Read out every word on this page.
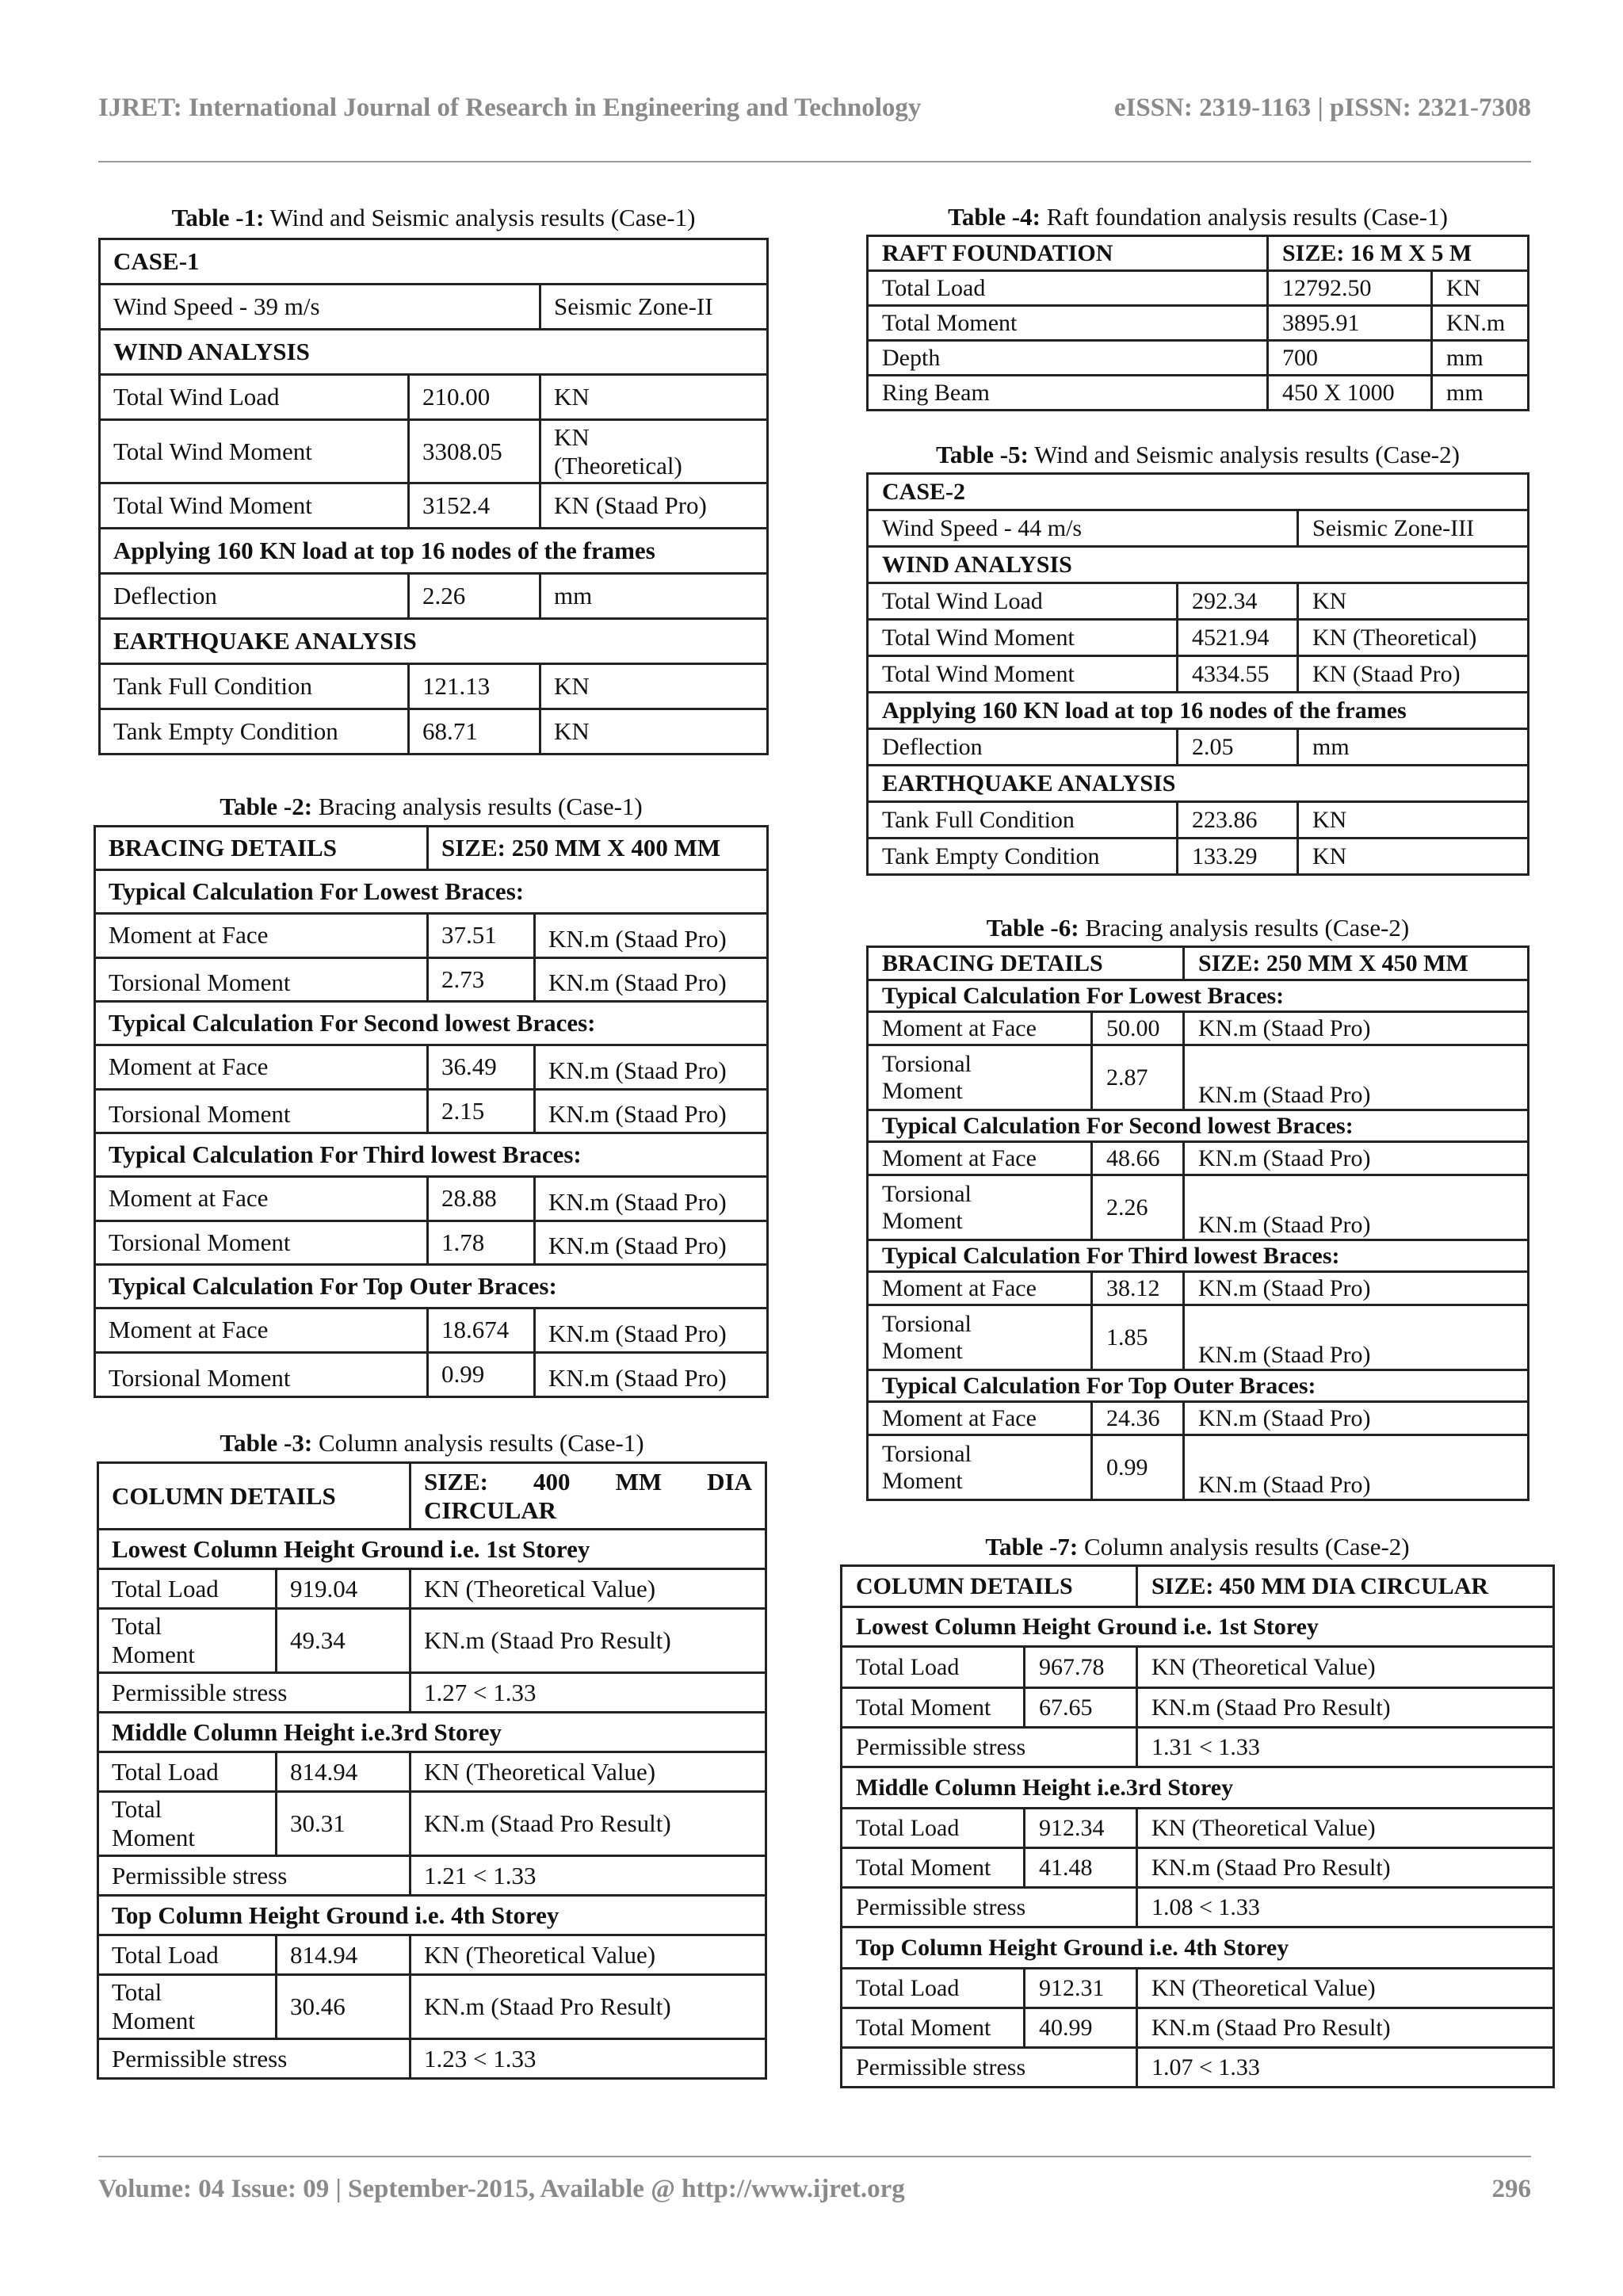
IJRET: International Journal of Research in Engineering and Technology	eISSN: 2319-1163 | pISSN: 2321-7308
Table -1: Wind and Seismic analysis results (Case-1)
CASE-1		
Wind Speed - 39 m/s		Seismic Zone-II
WIND ANALYSIS		
Total Wind Load	210.00	KN
Total Wind Moment	3308.05	KN
(Theoretical)

Total Wind Moment	3152.4	KN (Staad Pro)
Applying 160 KN load at top 16 nodes of the frames		
Deflection	2.26	mm
EARTHQUAKE ANALYSIS		
Tank Full Condition	121.13	KN
Tank Empty Condition	68.71	KN
Table -2: Bracing analysis results (Case-1)
BRACING DETAILS	SIZE: 250 MM X 400 MM	
Typical Calculation For Lowest Braces:		
Moment at Face	37.51	KN.m (Staad Pro)
Torsional Moment	2.73	KN.m (Staad Pro)
Typical Calculation For Second lowest Braces:		
Moment at Face	36.49	KN.m (Staad Pro)
Torsional Moment	2.15	KN.m (Staad Pro)
Typical Calculation For Third lowest Braces:		
Moment at Face	28.88	KN.m (Staad Pro)
Torsional Moment	1.78	KN.m (Staad Pro)
Typical Calculation For Top Outer Braces:		
Moment at Face	18.674	KN.m (Staad Pro)
Torsional Moment	0.99	KN.m (Staad Pro)
Table -3: Column analysis results (Case-1)
COLUMN DETAILS		SIZE: 400 MM DIA
CIRCULAR

Lowest Column Height Ground i.e. 1st Storey		
Total Load	919.04	KN (Theoretical Value)

Total
Moment	49.34	KN.m (Staad Pro Result)
Permissible stress		1.27 < 1.33
Middle Column Height i.e.3rd Storey		
Total Load	814.94	KN (Theoretical Value)

Total
Moment	30.31	KN.m (Staad Pro Result)
Permissible stress		1.21 < 1.33
Top Column Height Ground i.e. 4th Storey		
Total Load	814.94	KN (Theoretical Value)

Total
Moment	30.46	KN.m (Staad Pro Result)
Permissible stress		1.23 < 1.33
Table -4: Raft foundation analysis results (Case-1)
RAFT FOUNDATION	SIZE: 16 M X 5 M	
Total Load	12792.50	KN
Total Moment	3895.91	KN.m
Depth	700	mm
Ring Beam	450 X 1000	mm
Table -5: Wind and Seismic analysis results (Case-2)
CASE-2		
Wind Speed - 44 m/s		Seismic Zone-III
WIND ANALYSIS		
Total Wind Load	292.34	KN
Total Wind Moment	4521.94	KN (Theoretical)
Total Wind Moment	4334.55	KN (Staad Pro)
Applying 160 KN load at top 16 nodes of the frames		
Deflection	2.05	mm
EARTHQUAKE ANALYSIS		
Tank Full Condition	223.86	KN
Tank Empty Condition	133.29	KN
Table -6: Bracing analysis results (Case-2)
BRACING DETAILS		SIZE: 250 MM X 450 MM
Typical Calculation For Lowest Braces:		
Moment at Face	50.00	KN.m (Staad Pro)

Torsional
Moment	2.87	KN.m (Staad Pro)
Typical Calculation For Second lowest Braces:		
Moment at Face	48.66	KN.m (Staad Pro)

Torsional
Moment	2.26	KN.m (Staad Pro)
Typical Calculation For Third lowest Braces:		
Moment at Face	38.12	KN.m (Staad Pro)

Torsional
Moment	1.85	KN.m (Staad Pro)
Typical Calculation For Top Outer Braces:		
Moment at Face	24.36	KN.m (Staad Pro)

Torsional
Moment	0.99	KN.m (Staad Pro)
Table -7: Column analysis results (Case-2)
COLUMN DETAILS		SIZE: 450 MM DIA CIRCULAR
Lowest Column Height Ground i.e. 1st Storey		
Total Load	967.78	KN (Theoretical Value)
Total Moment	67.65	KN.m (Staad Pro Result)
Permissible stress		1.31 < 1.33
Middle Column Height i.e.3rd Storey		
Total Load	912.34	KN (Theoretical Value)
Total Moment	41.48	KN.m (Staad Pro Result)
Permissible stress		1.08 < 1.33
Top Column Height Ground i.e. 4th Storey		
Total Load	912.31	KN (Theoretical Value)
Total Moment	40.99	KN.m (Staad Pro Result)
Permissible stress		1.07 < 1.33
Volume: 04 Issue: 09 | September-2015, Available @ http://www.ijret.org	296
